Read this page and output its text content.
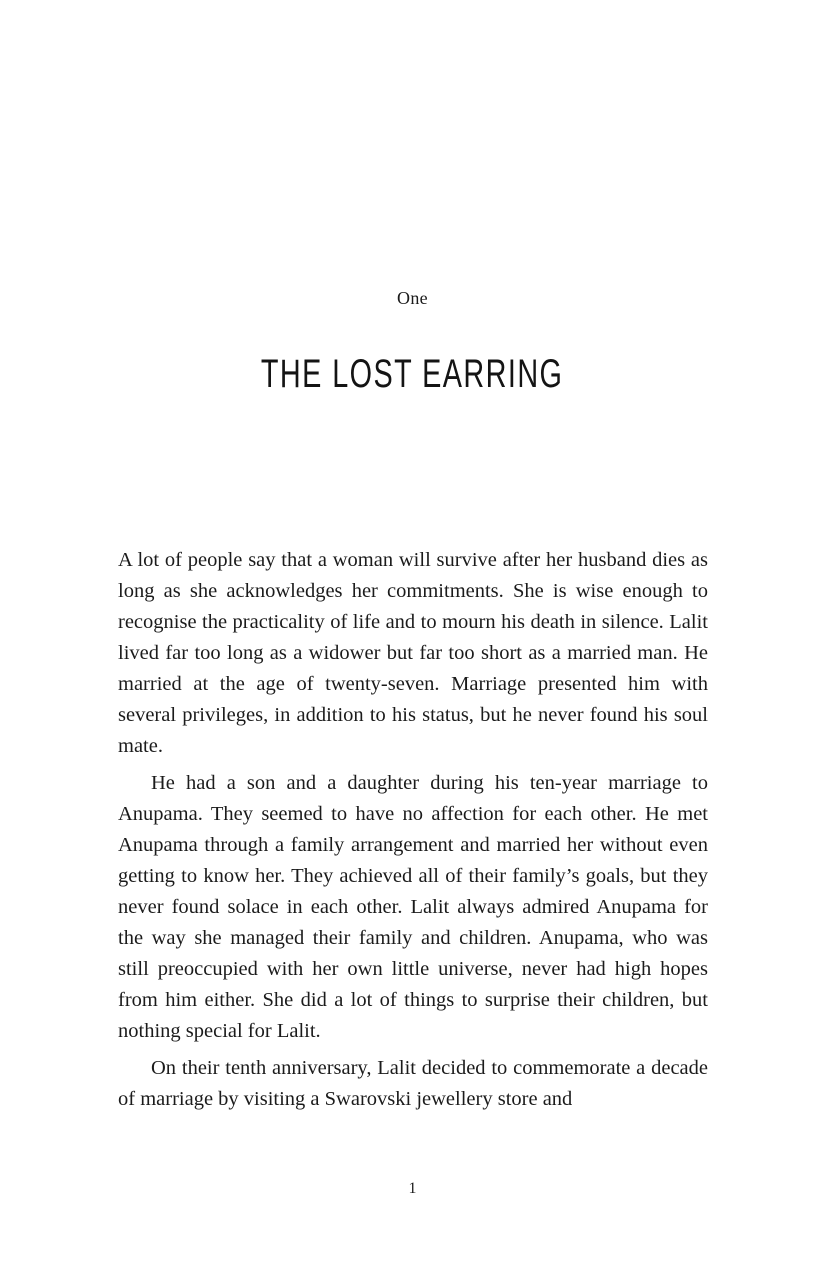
One
THE LOST EARRING

A lot of people say that a woman will survive after her husband dies as long as she acknowledges her commitments. She is wise enough to recognise the practicality of life and to mourn his death in silence. Lalit lived far too long as a widower but far too short as a married man. He married at the age of twenty-seven. Marriage presented him with several privileges, in addition to his status, but he never found his soul mate.

He had a son and a daughter during his ten-year marriage to Anupama. They seemed to have no affection for each other. He met Anupama through a family arrangement and married her without even getting to know her. They achieved all of their family’s goals, but they never found solace in each other. Lalit always admired Anupama for the way she managed their family and children. Anupama, who was still preoccupied with her own little universe, never had high hopes from him either. She did a lot of things to surprise their children, but nothing special for Lalit.

On their tenth anniversary, Lalit decided to commemorate a decade of marriage by visiting a Swarovski jewellery store and

1
